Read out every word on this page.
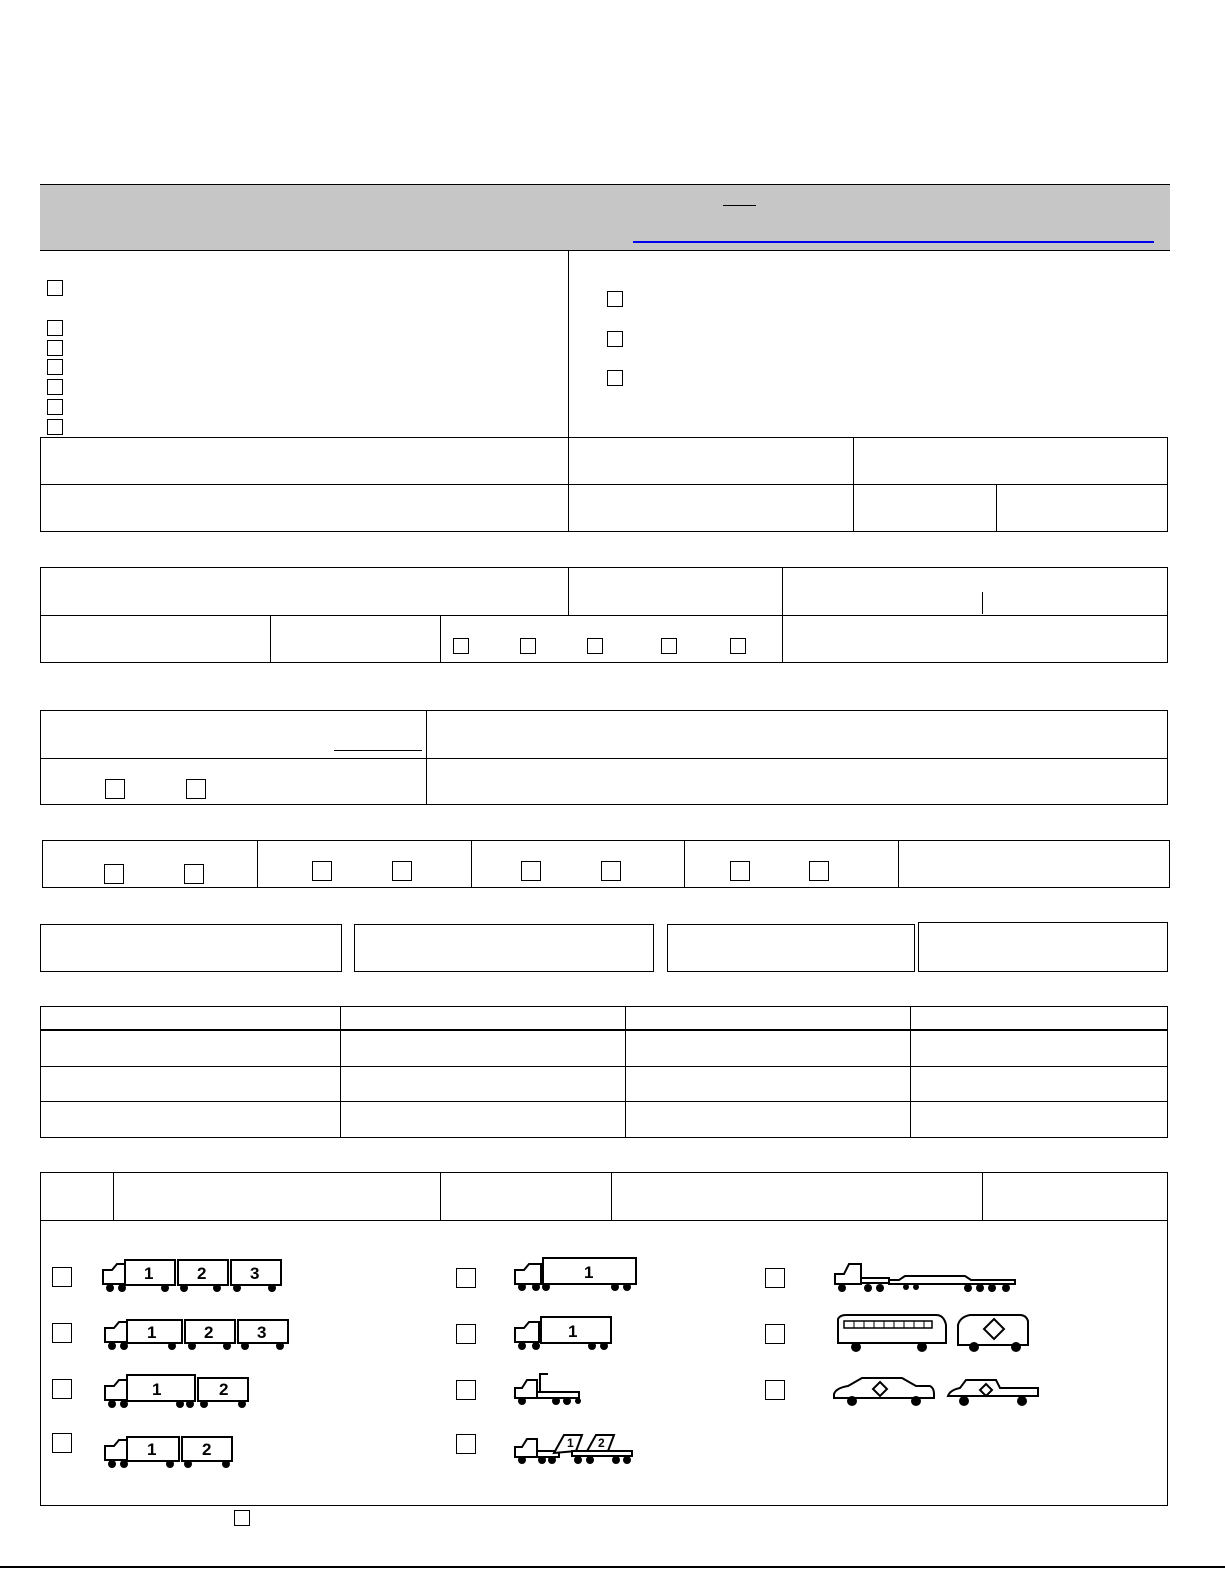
1	2	3
1	2	3
1	2
1	2
1
1
1 2
